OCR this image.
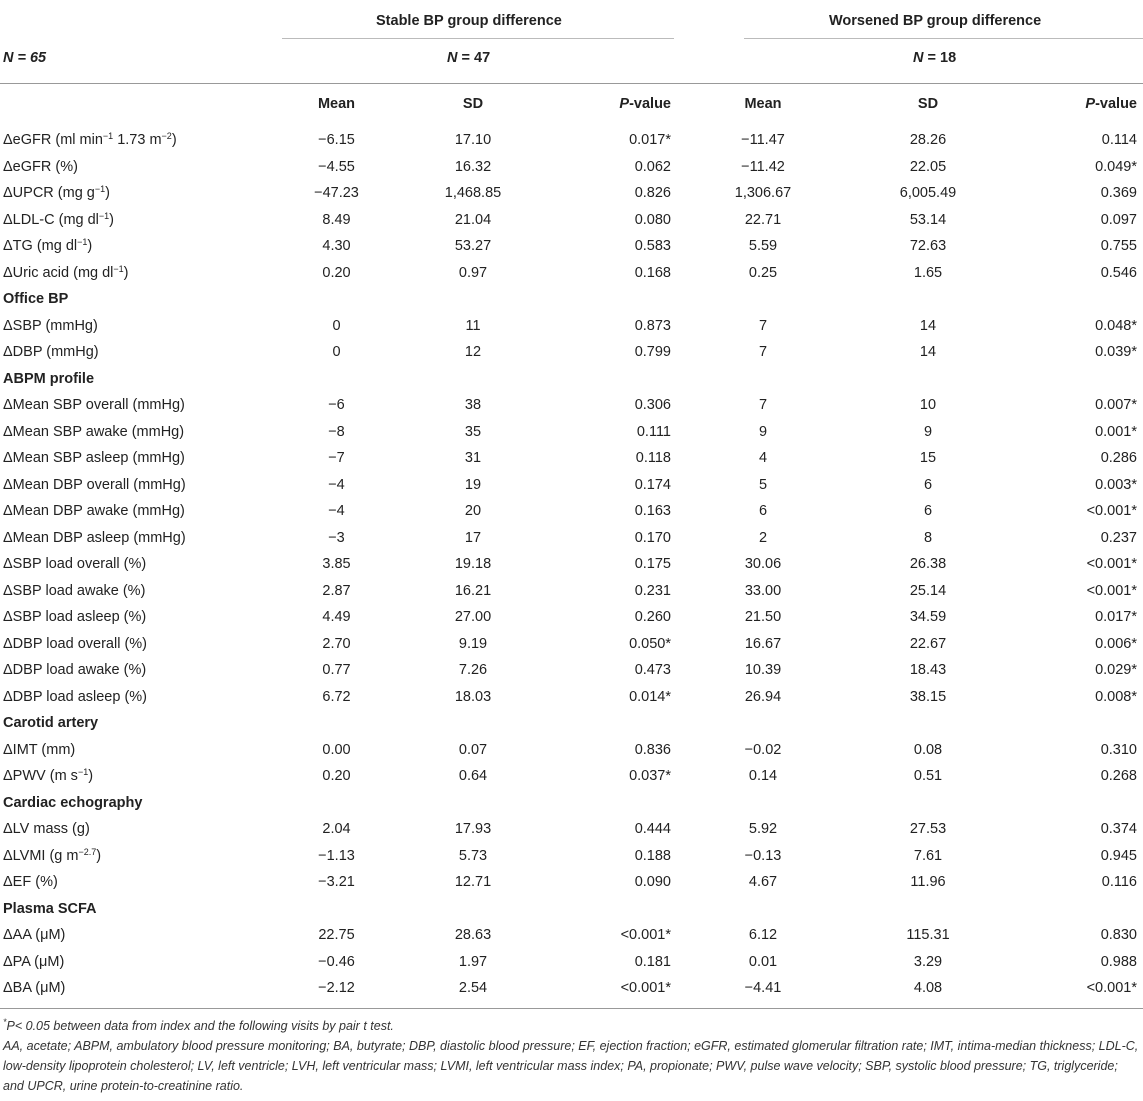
Stable BP group difference	Worsened BP group difference
N = 65	N = 47	N = 18
	Mean	SD	P-value	Mean	SD	P-value

ΔeGFR (ml $\min^{-1} 1.73$ $m^{-2}$)	−6.15	17.10	0.017*	−11.47	28.26	0.114
ΔeGFR (%)	−4.55	16.32	0.062	−11.42	22.05	0.049*
ΔUPCR (mg $g^{-1}$)	−47.23	1,468.85	0.826	1,306.67	6,005.49	0.369
ΔLDL-C (mg $dl^{-1}$)	8.49	21.04	0.080	22.71	53.14	0.097
ΔTG (mg $dl^{-1}$)	4.30	53.27	0.583	5.59	72.63	0.755
ΔUric acid (mg $dl^{-1}$)	0.20	0.97	0.168	0.25	1.65	0.546
Office BP						
ΔSBP (mmHg)	0	11	0.873	7	14	0.048*
ΔDBP (mmHg)	0	12	0.799	7	14	0.039*
ABPM profile						
ΔMean SBP overall (mmHg)	−6	38	0.306	7	10	0.007*
ΔMean SBP awake (mmHg)	−8	35	0.111	9	9	0.001*
ΔMean SBP asleep (mmHg)	−7	31	0.118	4	15	0.286
ΔMean DBP overall (mmHg)	−4	19	0.174	5	6	0.003*
ΔMean DBP awake (mmHg)	−4	20	0.163	6	6	<0.001*
ΔMean DBP asleep (mmHg)	−3	17	0.170	2	8	0.237
ΔSBP load overall (%)	3.85	19.18	0.175	30.06	26.38	<0.001*
ΔSBP load awake (%)	2.87	16.21	0.231	33.00	25.14	<0.001*
ΔSBP load asleep (%)	4.49	27.00	0.260	21.50	34.59	0.017*
ΔDBP load overall (%)	2.70	9.19	0.050*	16.67	22.67	0.006*
ΔDBP load awake (%)	0.77	7.26	0.473	10.39	18.43	0.029*
ΔDBP load asleep (%)	6.72	18.03	0.014*	26.94	38.15	0.008*
Carotid artery						
ΔIMT (mm)	0.00	0.07	0.836	−0.02	0.08	0.310
ΔPWV (m $s^{-1}$)	0.20	0.64	0.037*	0.14	0.51	0.268
Cardiac echography						
ΔLV mass (g)	2.04	17.93	0.444	5.92	27.53	0.374
ΔLVMI (g $m^{-2.7}$)	−1.13	5.73	0.188	−0.13	7.61	0.945
ΔEF (%)	−3.21	12.71	0.090	4.67	11.96	0.116
Plasma SCFA						
ΔAA (μM)	22.75	28.63	<0.001*	6.12	115.31	0.830
ΔPA (μM)	−0.46	1.97	0.181	0.01	3.29	0.988
ΔBA (μM)	−2.12	2.54	<0.001*	−4.41	4.08	<0.001*

*P< 0.05 between data from index and the following visits by pair t test.

AA, acetate; ABPM, ambulatory blood pressure monitoring; BA, butyrate; DBP, diastolic blood pressure; EF, ejection fraction; eGFR, estimated glomerular filtration rate; IMT, intima-median thickness; LDL-C, low-density lipoprotein cholesterol; LV, left ventricle; LVH, left ventricular mass; LVMI, left ventricular mass index; PA, propionate; PWV, pulse wave velocity; SBP, systolic blood pressure; TG, triglyceride; and UPCR, urine protein-to-creatinine ratio.
